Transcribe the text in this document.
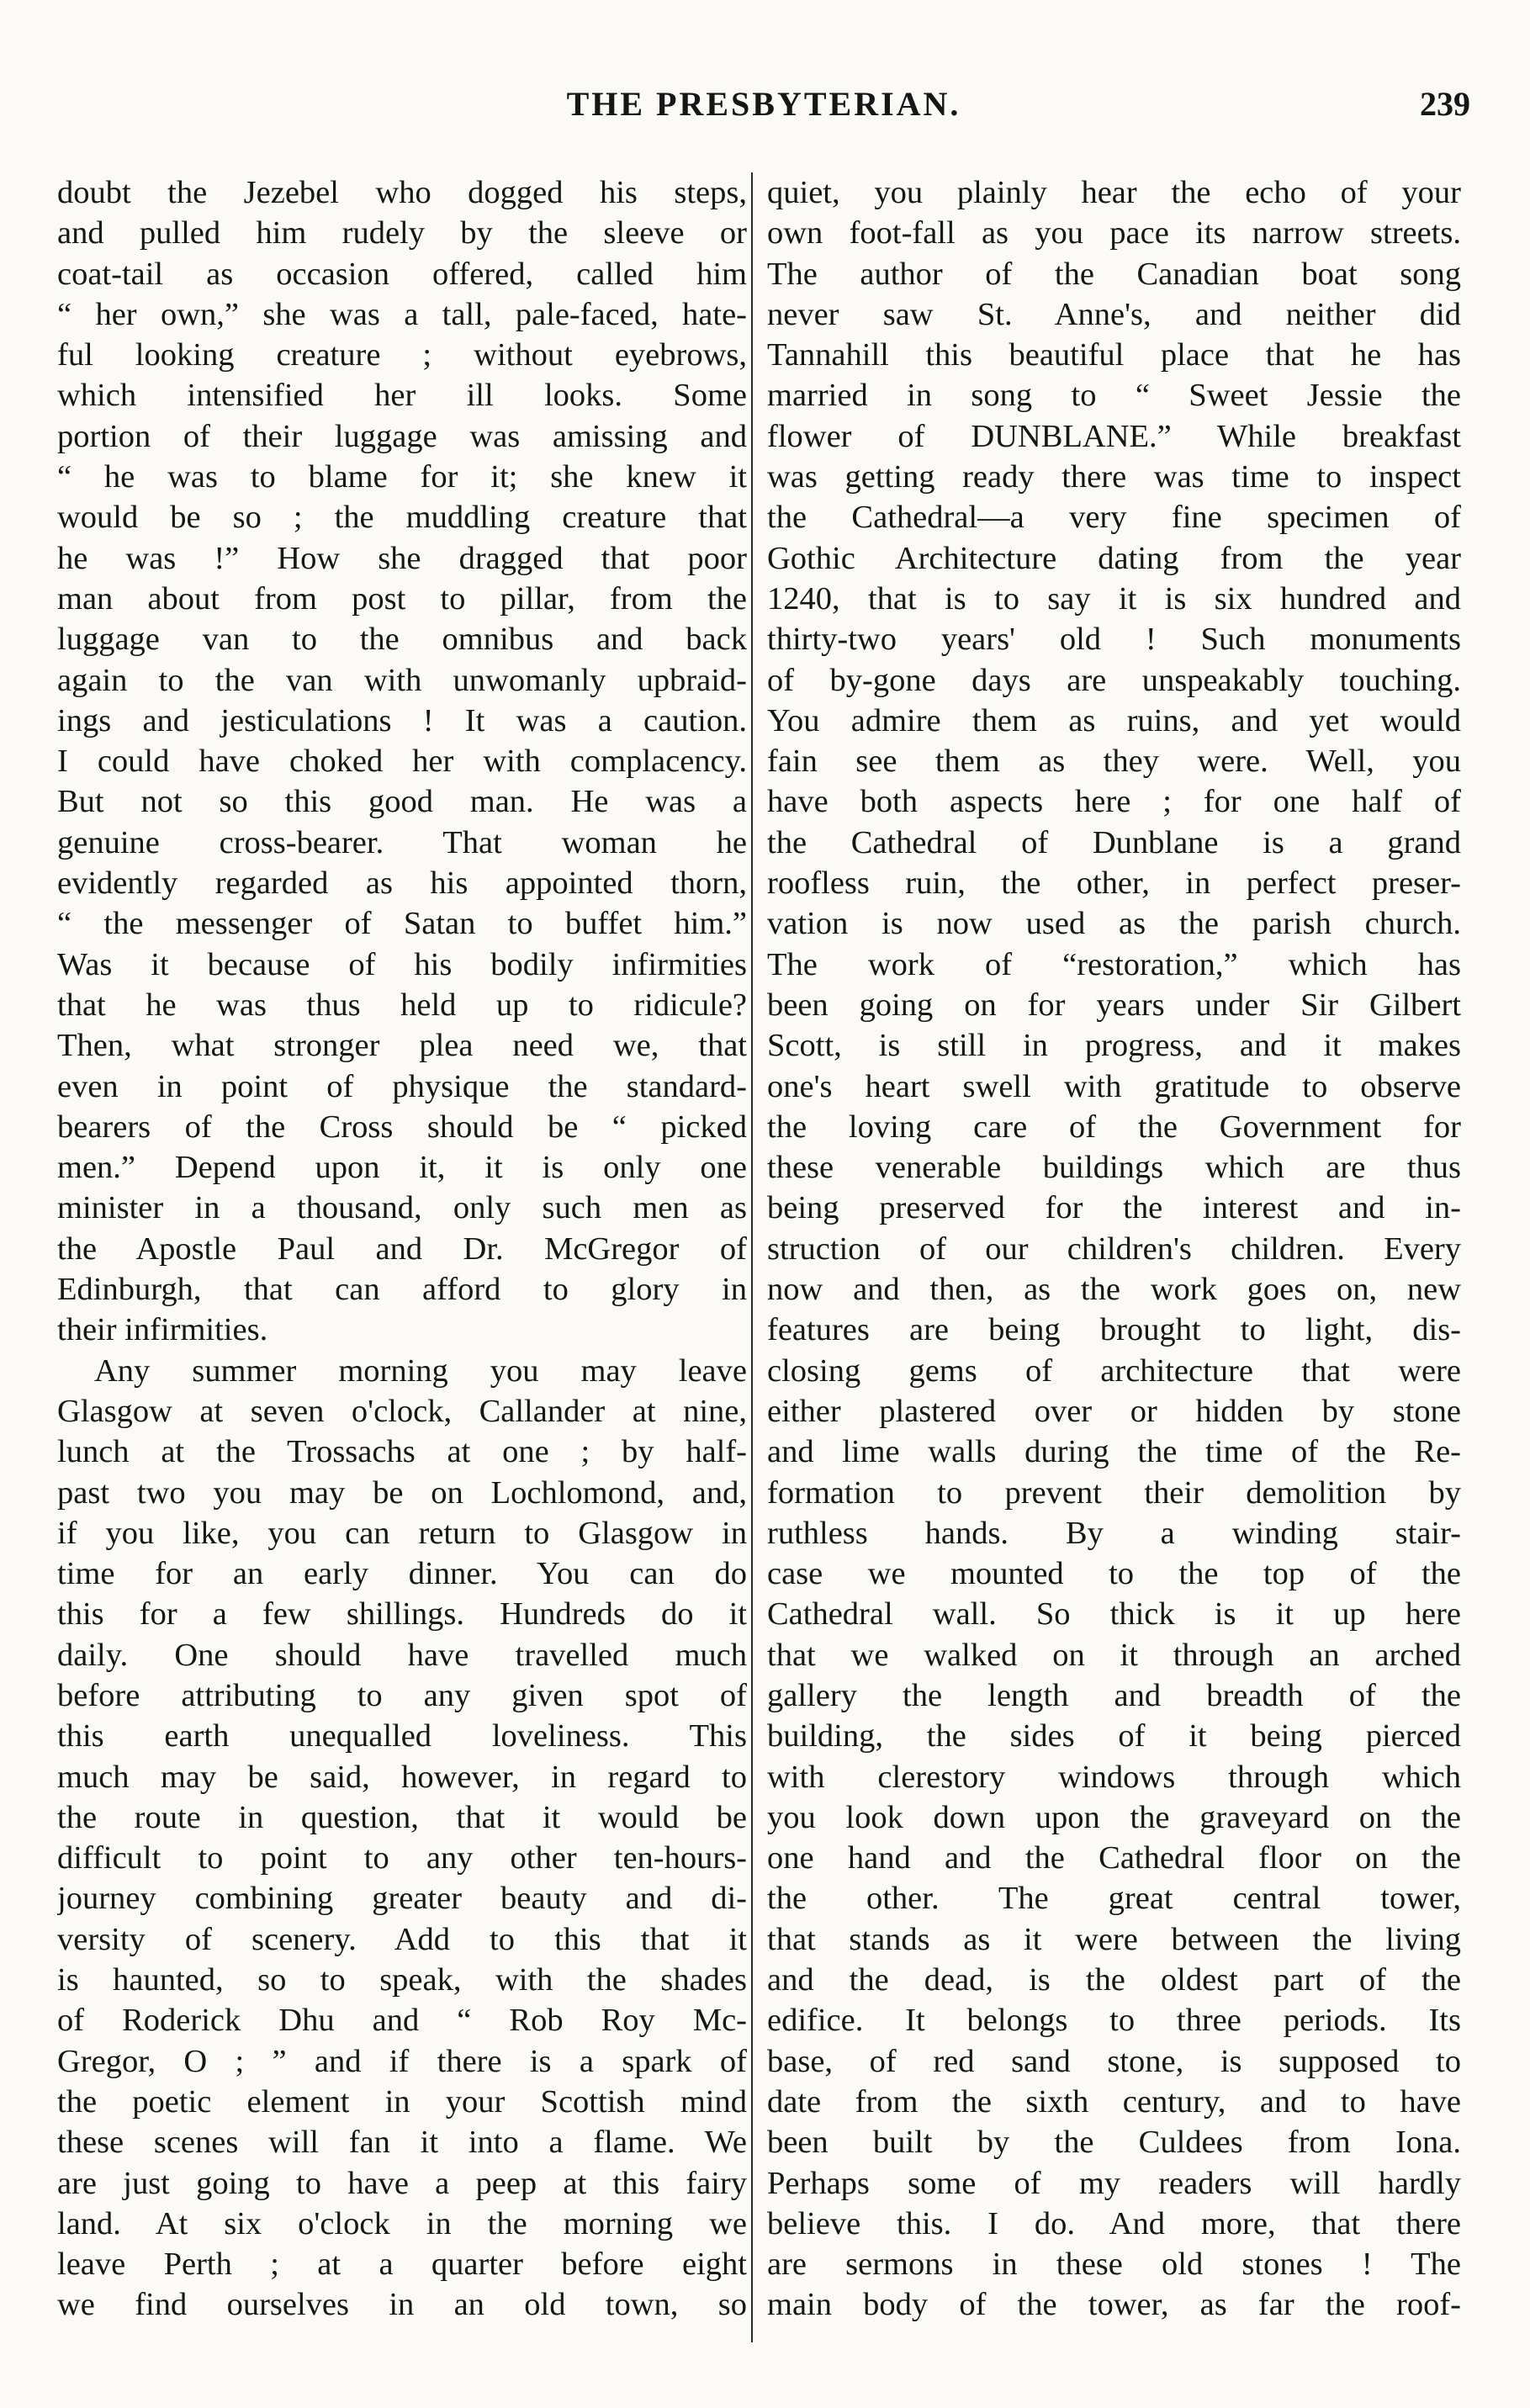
THE PRESBYTERIAN.	239
doubt the Jezebel who dogged his steps,
and pulled him rudely by the sleeve or
coat-tail as occasion offered, called him
“ her own,” she was a tall, pale-faced, hate-
ful looking creature ; without eyebrows,
which intensified her ill looks. Some
portion of their luggage was amissing and
“ he was to blame for it; she knew it
would be so ; the muddling creature that
he was !” How she dragged that poor
man about from post to pillar, from the
luggage van to the omnibus and back
again to the van with unwomanly upbraid-
ings and jesticulations ! It was a caution.
I could have choked her with complacency.
But not so this good man. He was a
genuine cross-bearer. That woman he
evidently regarded as his appointed thorn,
“ the messenger of Satan to buffet him.”
Was it because of his bodily infirmities
that he was thus held up to ridicule?
Then, what stronger plea need we, that
even in point of physique the standard-
bearers of the Cross should be “ picked
men.” Depend upon it, it is only one
minister in a thousand, only such men as
the Apostle Paul and Dr. McGregor of
Edinburgh, that can afford to glory in
their infirmities.
Any summer morning you may leave
Glasgow at seven o'clock, Callander at nine,
lunch at the Trossachs at one ; by half-
past two you may be on Lochlomond, and,
if you like, you can return to Glasgow in
time for an early dinner. You can do
this for a few shillings. Hundreds do it
daily. One should have travelled much
before attributing to any given spot of
this earth unequalled loveliness. This
much may be said, however, in regard to
the route in question, that it would be
difficult to point to any other ten-hours-
journey combining greater beauty and di-
versity of scenery. Add to this that it
is haunted, so to speak, with the shades
of Roderick Dhu and “ Rob Roy Mc-
Gregor, O ; ” and if there is a spark of
the poetic element in your Scottish mind
these scenes will fan it into a flame. We
are just going to have a peep at this fairy
land. At six o'clock in the morning we
leave Perth ; at a quarter before eight
we find ourselves in an old town, so
quiet, you plainly hear the echo of your
own foot-fall as you pace its narrow streets.
The author of the Canadian boat song
never saw St. Anne's, and neither did
Tannahill this beautiful place that he has
married in song to “ Sweet Jessie the
flower of DUNBLANE.” While breakfast
was getting ready there was time to inspect
the Cathedral—a very fine specimen of
Gothic Architecture dating from the year
1240, that is to say it is six hundred and
thirty-two years' old ! Such monuments
of by-gone days are unspeakably touching.
You admire them as ruins, and yet would
fain see them as they were. Well, you
have both aspects here ; for one half of
the Cathedral of Dunblane is a grand
roofless ruin, the other, in perfect preser-
vation is now used as the parish church.
The work of “restoration,” which has
been going on for years under Sir Gilbert
Scott, is still in progress, and it makes
one's heart swell with gratitude to observe
the loving care of the Government for
these venerable buildings which are thus
being preserved for the interest and in-
struction of our children's children. Every
now and then, as the work goes on, new
features are being brought to light, dis-
closing gems of architecture that were
either plastered over or hidden by stone
and lime walls during the time of the Re-
formation to prevent their demolition by
ruthless hands. By a winding stair-
case we mounted to the top of the
Cathedral wall. So thick is it up here
that we walked on it through an arched
gallery the length and breadth of the
building, the sides of it being pierced
with clerestory windows through which
you look down upon the graveyard on the
one hand and the Cathedral floor on the
the other. The great central tower,
that stands as it were between the living
and the dead, is the oldest part of the
edifice. It belongs to three periods. Its
base, of red sand stone, is supposed to
date from the sixth century, and to have
been built by the Culdees from Iona.
Perhaps some of my readers will hardly
believe this. I do. And more, that there
are sermons in these old stones ! The
main body of the tower, as far the roof-
